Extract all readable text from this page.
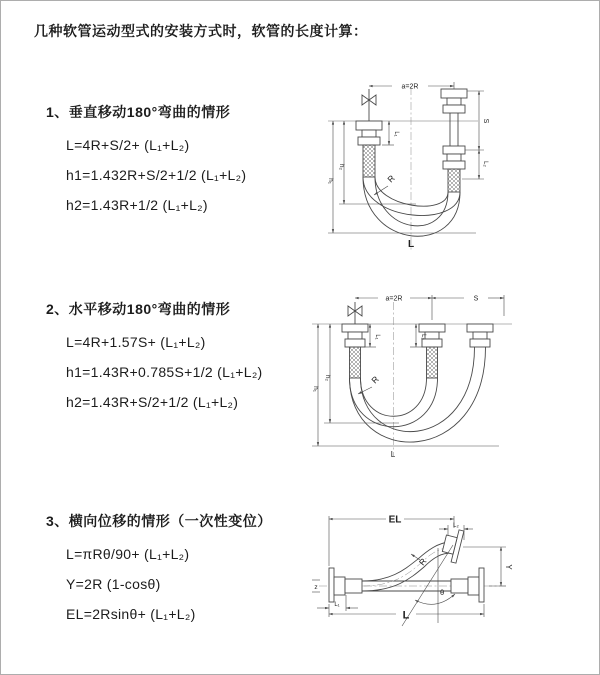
几种软管运动型式的安装方式时，软管的长度计算：

1、垂直移动180°弯曲的情形

L=4R+S/2+ (L₁+L₂)

h1=1.432R+S/2+1/2 (L₁+L₂)

h2=1.43R+1/2 (L₁+L₂)

2、水平移动180°弯曲的情形

L=4R+1.57S+ (L₁+L₂)

h1=1.43R+0.785S+1/2 (L₁+L₂)

h2=1.43R+S/2+1/2 (L₁+L₂)

3、横向位移的情形（一次性变位）

L=πRθ/90+ (L₁+L₂)

Y=2R (1-cosθ)

EL=2Rsinθ+ (L₁+L₂)

a=2R
S
L₂
h₁
h₂
L₁
R
L
a=2R	S
L₁	L₂
h₁
h₂	R
L
EL
L₂
Y
R
θ
L
L₁
z
